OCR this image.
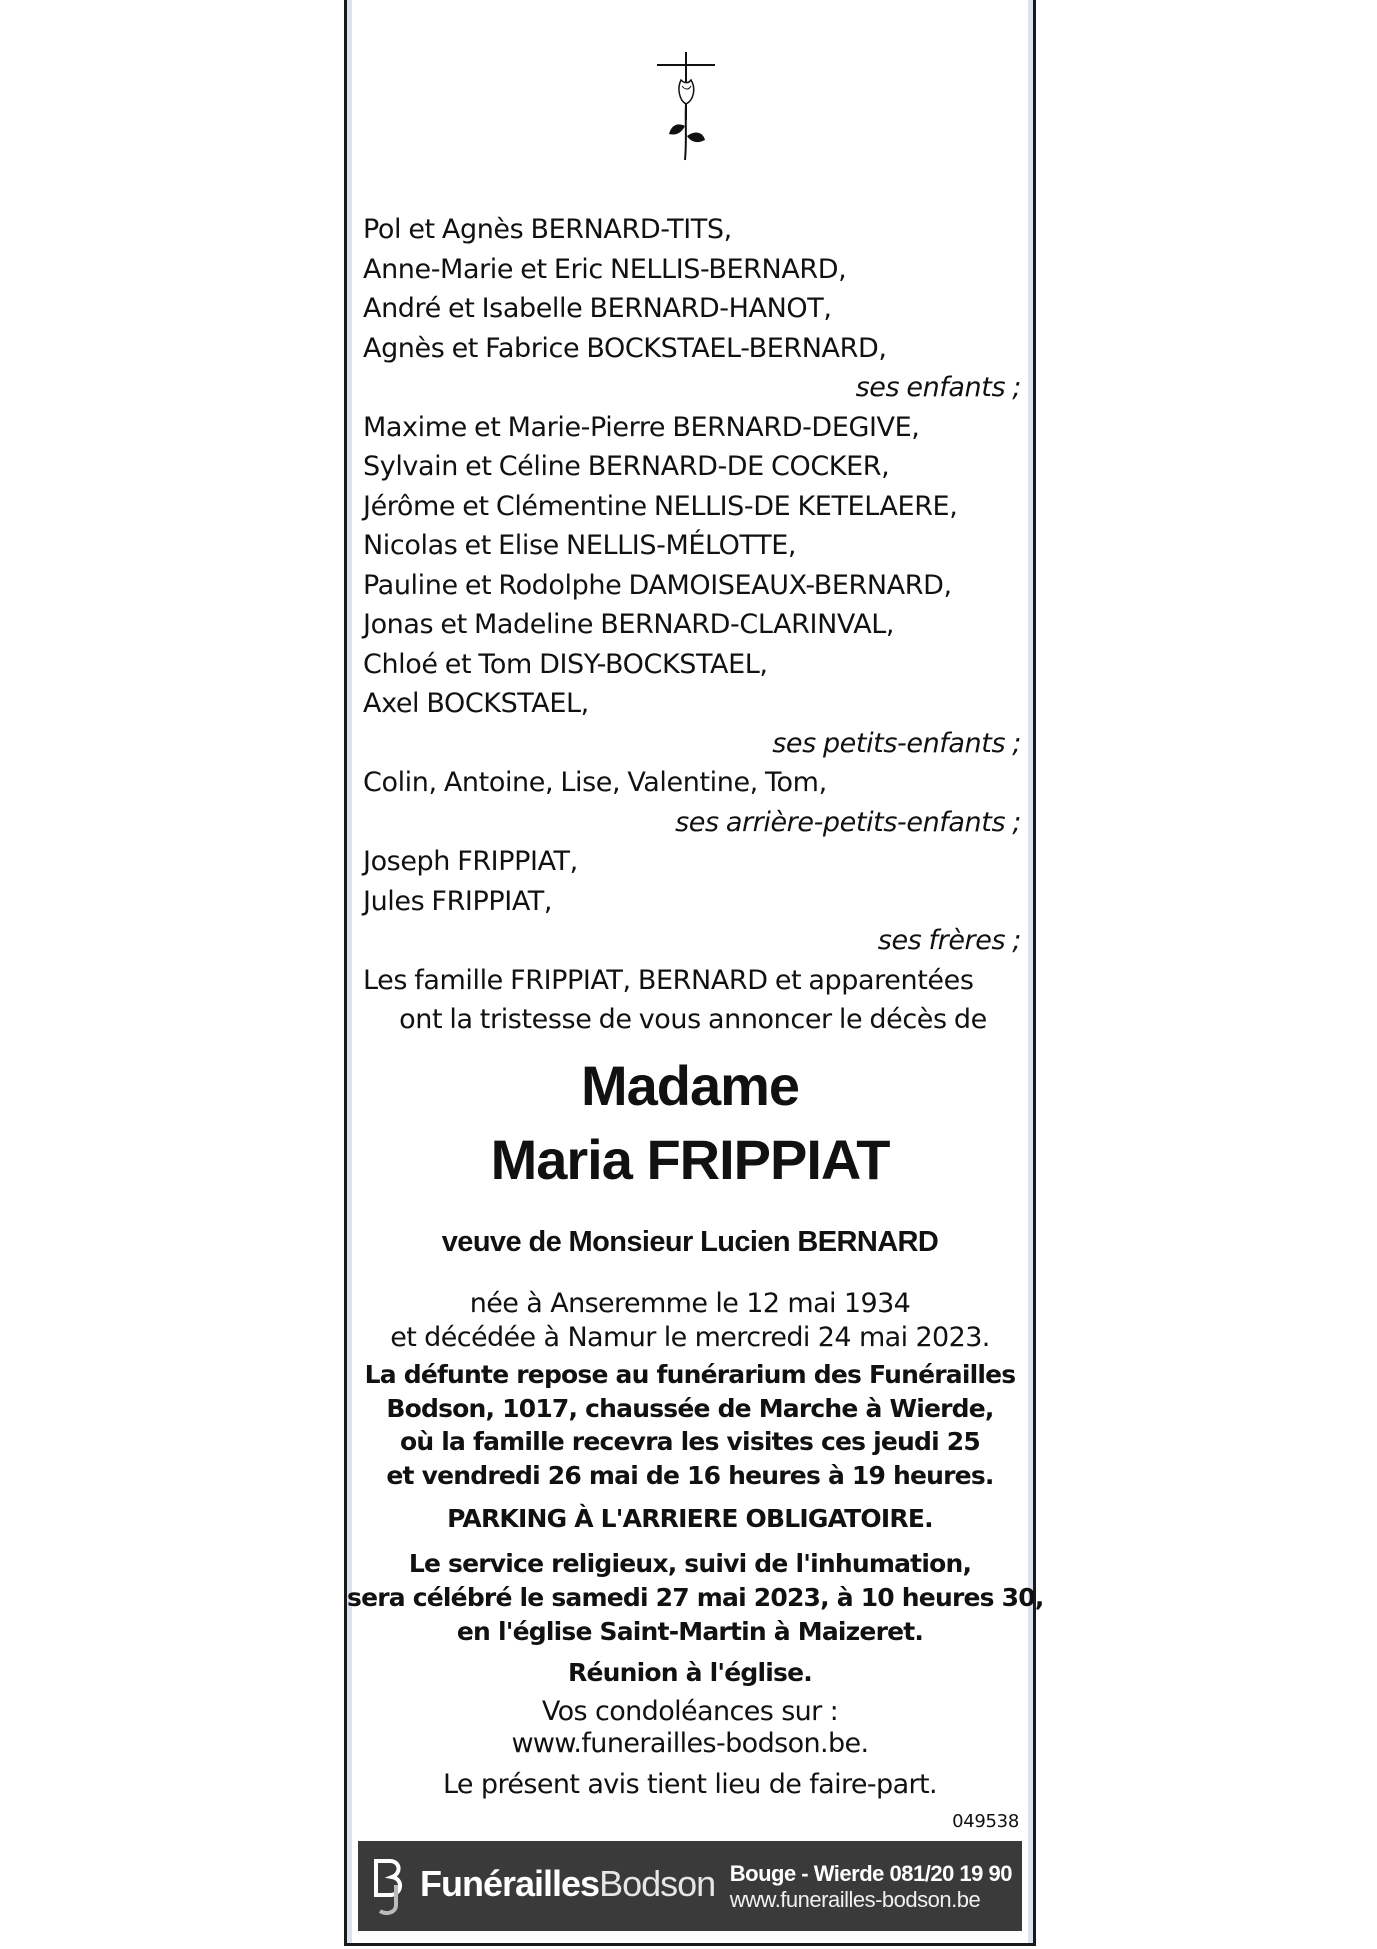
Pol et Agnès BERNARD-TITS,
Anne-Marie et Eric NELLIS-BERNARD,
André et Isabelle BERNARD-HANOT,
Agnès et Fabrice BOCKSTAEL-BERNARD,
ses enfants ;
Maxime et Marie-Pierre BERNARD-DEGIVE,
Sylvain et Céline BERNARD-DE COCKER,
Jérôme et Clémentine NELLIS-DE KETELAERE,
Nicolas et Elise NELLIS-MÉLOTTE,
Pauline et Rodolphe DAMOISEAUX-BERNARD,
Jonas et Madeline BERNARD-CLARINVAL,
Chloé et Tom DISY-BOCKSTAEL,
Axel BOCKSTAEL,
ses petits-enfants ;
Colin, Antoine, Lise, Valentine, Tom,
ses arrière-petits-enfants ;
Joseph FRIPPIAT,
Jules FRIPPIAT,
ses frères ;
Les famille FRIPPIAT, BERNARD et apparentées
ont la tristesse de vous annoncer le décès de
Madame
Maria FRIPPIAT
veuve de Monsieur Lucien BERNARD
née à Anseremme le 12 mai 1934
et décédée à Namur le mercredi 24 mai 2023.
La défunte repose au funérarium des Funérailles
Bodson, 1017, chaussée de Marche à Wierde,
où la famille recevra les visites ces jeudi 25
et vendredi 26 mai de 16 heures à 19 heures.
PARKING À L'ARRIERE OBLIGATOIRE.
Le service religieux, suivi de l'inhumation,
sera célébré le samedi 27 mai 2023, à 10 heures 30,
en l'église Saint-Martin à Maizeret.
Réunion à l'église.
Vos condoléances sur :
www.funerailles-bodson.be.
Le présent avis tient lieu de faire-part.
049538
FunéraillesBodson Bouge - Wierde 081/20 19 90
www.funerailles-bodson.be
